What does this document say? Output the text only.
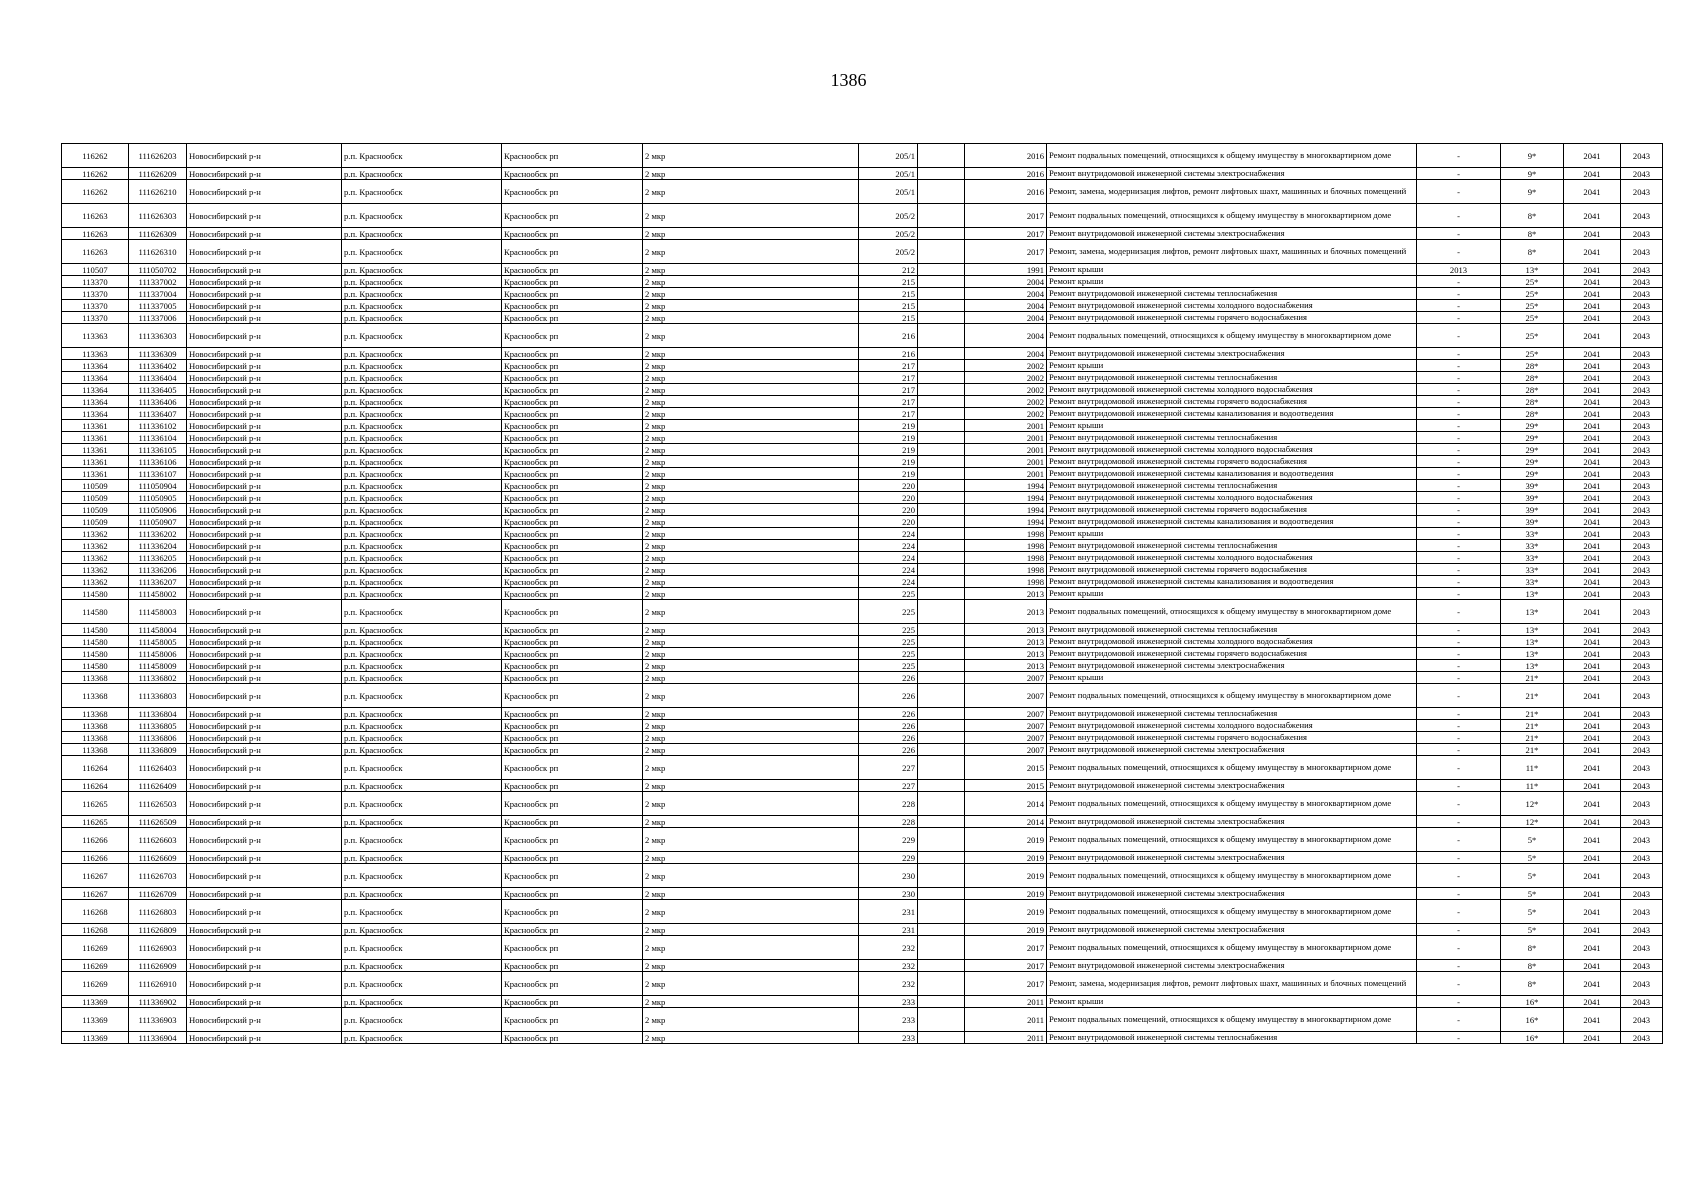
1386
116262	111626203	Новосибирский р-н	р.п. Краснообск	Краснообск рп	2 мкр	205/1		2016	Ремонт подвальных помещений, относящихся к общему имуществу в многоквартирном доме	-	9*	2041	2043
116262	111626209	Новосибирский р-н	р.п. Краснообск	Краснообск рп	2 мкр	205/1		2016	Ремонт внутридомовой инженерной системы электроснабжения	-	9*	2041	2043
116262	111626210	Новосибирский р-н	р.п. Краснообск	Краснообск рп	2 мкр	205/1		2016	Ремонт, замена, модернизация лифтов, ремонт лифтовых шахт, машинных и блочных помещений	-	9*	2041	2043
116263	111626303	Новосибирский р-н	р.п. Краснообск	Краснообск рп	2 мкр	205/2		2017	Ремонт подвальных помещений, относящихся к общему имуществу в многоквартирном доме	-	8*	2041	2043
116263	111626309	Новосибирский р-н	р.п. Краснообск	Краснообск рп	2 мкр	205/2		2017	Ремонт внутридомовой инженерной системы электроснабжения	-	8*	2041	2043
116263	111626310	Новосибирский р-н	р.п. Краснообск	Краснообск рп	2 мкр	205/2		2017	Ремонт, замена, модернизация лифтов, ремонт лифтовых шахт, машинных и блочных помещений	-	8*	2041	2043
110507	111050702	Новосибирский р-н	р.п. Краснообск	Краснообск рп	2 мкр	212		1991	Ремонт крыши	2013	13*	2041	2043
113370	111337002	Новосибирский р-н	р.п. Краснообск	Краснообск рп	2 мкр	215		2004	Ремонт крыши	-	25*	2041	2043
113370	111337004	Новосибирский р-н	р.п. Краснообск	Краснообск рп	2 мкр	215		2004	Ремонт внутридомовой инженерной системы теплоснабжения	-	25*	2041	2043
113370	111337005	Новосибирский р-н	р.п. Краснообск	Краснообск рп	2 мкр	215		2004	Ремонт внутридомовой инженерной системы холодного водоснабжения	-	25*	2041	2043
113370	111337006	Новосибирский р-н	р.п. Краснообск	Краснообск рп	2 мкр	215		2004	Ремонт внутридомовой инженерной системы горячего водоснабжения	-	25*	2041	2043
113363	111336303	Новосибирский р-н	р.п. Краснообск	Краснообск рп	2 мкр	216		2004	Ремонт подвальных помещений, относящихся к общему имуществу в многоквартирном доме	-	25*	2041	2043
113363	111336309	Новосибирский р-н	р.п. Краснообск	Краснообск рп	2 мкр	216		2004	Ремонт внутридомовой инженерной системы электроснабжения	-	25*	2041	2043
113364	111336402	Новосибирский р-н	р.п. Краснообск	Краснообск рп	2 мкр	217		2002	Ремонт крыши	-	28*	2041	2043
113364	111336404	Новосибирский р-н	р.п. Краснообск	Краснообск рп	2 мкр	217		2002	Ремонт внутридомовой инженерной системы теплоснабжения	-	28*	2041	2043
113364	111336405	Новосибирский р-н	р.п. Краснообск	Краснообск рп	2 мкр	217		2002	Ремонт внутридомовой инженерной системы холодного водоснабжения	-	28*	2041	2043
113364	111336406	Новосибирский р-н	р.п. Краснообск	Краснообск рп	2 мкр	217		2002	Ремонт внутридомовой инженерной системы горячего водоснабжения	-	28*	2041	2043
113364	111336407	Новосибирский р-н	р.п. Краснообск	Краснообск рп	2 мкр	217		2002	Ремонт внутридомовой инженерной системы канализования и водоотведения	-	28*	2041	2043
113361	111336102	Новосибирский р-н	р.п. Краснообск	Краснообск рп	2 мкр	219		2001	Ремонт крыши	-	29*	2041	2043
113361	111336104	Новосибирский р-н	р.п. Краснообск	Краснообск рп	2 мкр	219		2001	Ремонт внутридомовой инженерной системы теплоснабжения	-	29*	2041	2043
113361	111336105	Новосибирский р-н	р.п. Краснообск	Краснообск рп	2 мкр	219		2001	Ремонт внутридомовой инженерной системы холодного водоснабжения	-	29*	2041	2043
113361	111336106	Новосибирский р-н	р.п. Краснообск	Краснообск рп	2 мкр	219		2001	Ремонт внутридомовой инженерной системы горячего водоснабжения	-	29*	2041	2043
113361	111336107	Новосибирский р-н	р.п. Краснообск	Краснообск рп	2 мкр	219		2001	Ремонт внутридомовой инженерной системы канализования и водоотведения	-	29*	2041	2043
110509	111050904	Новосибирский р-н	р.п. Краснообск	Краснообск рп	2 мкр	220		1994	Ремонт внутридомовой инженерной системы теплоснабжения	-	39*	2041	2043
110509	111050905	Новосибирский р-н	р.п. Краснообск	Краснообск рп	2 мкр	220		1994	Ремонт внутридомовой инженерной системы холодного водоснабжения	-	39*	2041	2043
110509	111050906	Новосибирский р-н	р.п. Краснообск	Краснообск рп	2 мкр	220		1994	Ремонт внутридомовой инженерной системы горячего водоснабжения	-	39*	2041	2043
110509	111050907	Новосибирский р-н	р.п. Краснообск	Краснообск рп	2 мкр	220		1994	Ремонт внутридомовой инженерной системы канализования и водоотведения	-	39*	2041	2043
113362	111336202	Новосибирский р-н	р.п. Краснообск	Краснообск рп	2 мкр	224		1998	Ремонт крыши	-	33*	2041	2043
113362	111336204	Новосибирский р-н	р.п. Краснообск	Краснообск рп	2 мкр	224		1998	Ремонт внутридомовой инженерной системы теплоснабжения	-	33*	2041	2043
113362	111336205	Новосибирский р-н	р.п. Краснообск	Краснообск рп	2 мкр	224		1998	Ремонт внутридомовой инженерной системы холодного водоснабжения	-	33*	2041	2043
113362	111336206	Новосибирский р-н	р.п. Краснообск	Краснообск рп	2 мкр	224		1998	Ремонт внутридомовой инженерной системы горячего водоснабжения	-	33*	2041	2043
113362	111336207	Новосибирский р-н	р.п. Краснообск	Краснообск рп	2 мкр	224		1998	Ремонт внутридомовой инженерной системы канализования и водоотведения	-	33*	2041	2043
114580	111458002	Новосибирский р-н	р.п. Краснообск	Краснообск рп	2 мкр	225		2013	Ремонт крыши	-	13*	2041	2043
114580	111458003	Новосибирский р-н	р.п. Краснообск	Краснообск рп	2 мкр	225		2013	Ремонт подвальных помещений, относящихся к общему имуществу в многоквартирном доме	-	13*	2041	2043
114580	111458004	Новосибирский р-н	р.п. Краснообск	Краснообск рп	2 мкр	225		2013	Ремонт внутридомовой инженерной системы теплоснабжения	-	13*	2041	2043
114580	111458005	Новосибирский р-н	р.п. Краснообск	Краснообск рп	2 мкр	225		2013	Ремонт внутридомовой инженерной системы холодного водоснабжения	-	13*	2041	2043
114580	111458006	Новосибирский р-н	р.п. Краснообск	Краснообск рп	2 мкр	225		2013	Ремонт внутридомовой инженерной системы горячего водоснабжения	-	13*	2041	2043
114580	111458009	Новосибирский р-н	р.п. Краснообск	Краснообск рп	2 мкр	225		2013	Ремонт внутридомовой инженерной системы электроснабжения	-	13*	2041	2043
113368	111336802	Новосибирский р-н	р.п. Краснообск	Краснообск рп	2 мкр	226		2007	Ремонт крыши	-	21*	2041	2043
113368	111336803	Новосибирский р-н	р.п. Краснообск	Краснообск рп	2 мкр	226		2007	Ремонт подвальных помещений, относящихся к общему имуществу в многоквартирном доме	-	21*	2041	2043
113368	111336804	Новосибирский р-н	р.п. Краснообск	Краснообск рп	2 мкр	226		2007	Ремонт внутридомовой инженерной системы теплоснабжения	-	21*	2041	2043
113368	111336805	Новосибирский р-н	р.п. Краснообск	Краснообск рп	2 мкр	226		2007	Ремонт внутридомовой инженерной системы холодного водоснабжения	-	21*	2041	2043
113368	111336806	Новосибирский р-н	р.п. Краснообск	Краснообск рп	2 мкр	226		2007	Ремонт внутридомовой инженерной системы горячего водоснабжения	-	21*	2041	2043
113368	111336809	Новосибирский р-н	р.п. Краснообск	Краснообск рп	2 мкр	226		2007	Ремонт внутридомовой инженерной системы электроснабжения	-	21*	2041	2043
116264	111626403	Новосибирский р-н	р.п. Краснообск	Краснообск рп	2 мкр	227		2015	Ремонт подвальных помещений, относящихся к общему имуществу в многоквартирном доме	-	11*	2041	2043
116264	111626409	Новосибирский р-н	р.п. Краснообск	Краснообск рп	2 мкр	227		2015	Ремонт внутридомовой инженерной системы электроснабжения	-	11*	2041	2043
116265	111626503	Новосибирский р-н	р.п. Краснообск	Краснообск рп	2 мкр	228		2014	Ремонт подвальных помещений, относящихся к общему имуществу в многоквартирном доме	-	12*	2041	2043
116265	111626509	Новосибирский р-н	р.п. Краснообск	Краснообск рп	2 мкр	228		2014	Ремонт внутридомовой инженерной системы электроснабжения	-	12*	2041	2043
116266	111626603	Новосибирский р-н	р.п. Краснообск	Краснообск рп	2 мкр	229		2019	Ремонт подвальных помещений, относящихся к общему имуществу в многоквартирном доме	-	5*	2041	2043
116266	111626609	Новосибирский р-н	р.п. Краснообск	Краснообск рп	2 мкр	229		2019	Ремонт внутридомовой инженерной системы электроснабжения	-	5*	2041	2043
116267	111626703	Новосибирский р-н	р.п. Краснообск	Краснообск рп	2 мкр	230		2019	Ремонт подвальных помещений, относящихся к общему имуществу в многоквартирном доме	-	5*	2041	2043
116267	111626709	Новосибирский р-н	р.п. Краснообск	Краснообск рп	2 мкр	230		2019	Ремонт внутридомовой инженерной системы электроснабжения	-	5*	2041	2043
116268	111626803	Новосибирский р-н	р.п. Краснообск	Краснообск рп	2 мкр	231		2019	Ремонт подвальных помещений, относящихся к общему имуществу в многоквартирном доме	-	5*	2041	2043
116268	111626809	Новосибирский р-н	р.п. Краснообск	Краснообск рп	2 мкр	231		2019	Ремонт внутридомовой инженерной системы электроснабжения	-	5*	2041	2043
116269	111626903	Новосибирский р-н	р.п. Краснообск	Краснообск рп	2 мкр	232		2017	Ремонт подвальных помещений, относящихся к общему имуществу в многоквартирном доме	-	8*	2041	2043
116269	111626909	Новосибирский р-н	р.п. Краснообск	Краснообск рп	2 мкр	232		2017	Ремонт внутридомовой инженерной системы электроснабжения	-	8*	2041	2043
116269	111626910	Новосибирский р-н	р.п. Краснообск	Краснообск рп	2 мкр	232		2017	Ремонт, замена, модернизация лифтов, ремонт лифтовых шахт, машинных и блочных помещений	-	8*	2041	2043
113369	111336902	Новосибирский р-н	р.п. Краснообск	Краснообск рп	2 мкр	233		2011	Ремонт крыши	-	16*	2041	2043
113369	111336903	Новосибирский р-н	р.п. Краснообск	Краснообск рп	2 мкр	233		2011	Ремонт подвальных помещений, относящихся к общему имуществу в многоквартирном доме	-	16*	2041	2043
113369	111336904	Новосибирский р-н	р.п. Краснообск	Краснообск рп	2 мкр	233		2011	Ремонт внутридомовой инженерной системы теплоснабжения	-	16*	2041	2043
